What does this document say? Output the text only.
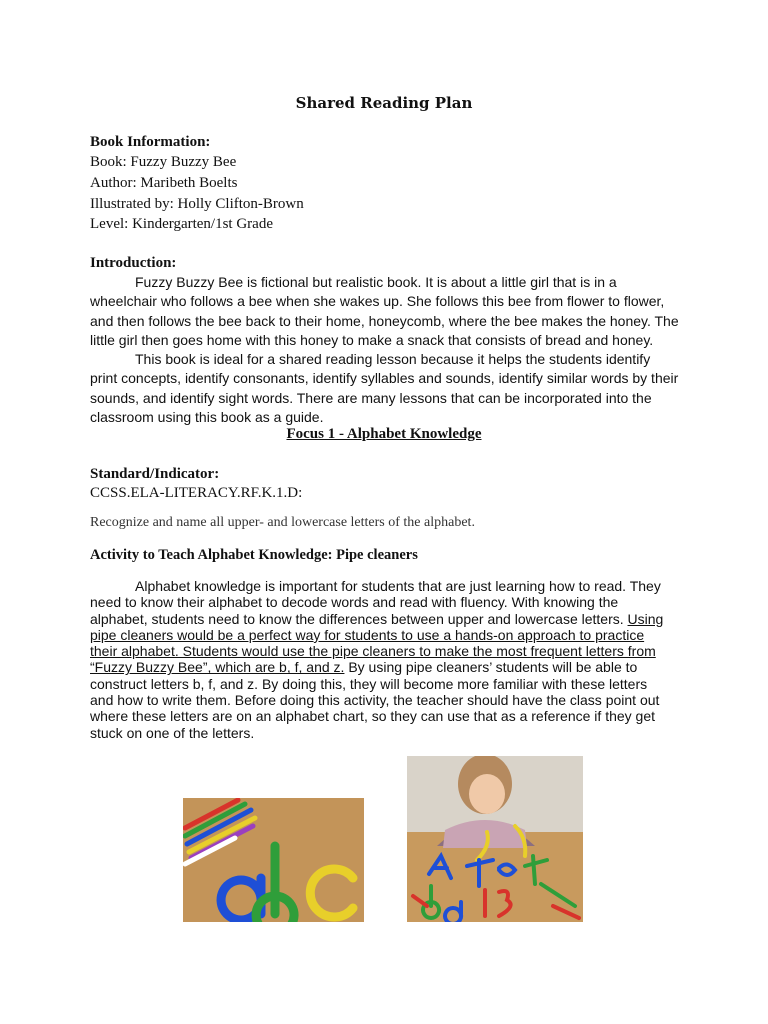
Shared Reading Plan
Book Information:
Book: Fuzzy Buzzy Bee
Author: Maribeth Boelts
Illustrated by: Holly Clifton-Brown
Level: Kindergarten/1st Grade
Introduction:

Fuzzy Buzzy Bee is fictional but realistic book. It is about a little girl that is in a wheelchair who follows a bee when she wakes up. She follows this bee from flower to flower, and then follows the bee back to their home, honeycomb, where the bee makes the honey. The little girl then goes home with this honey to make a snack that consists of bread and honey.

This book is ideal for a shared reading lesson because it helps the students identify print concepts, identify consonants, identify syllables and sounds, identify similar words by their sounds, and identify sight words. There are many lessons that can be incorporated into the classroom using this book as a guide.

Focus 1 - Alphabet Knowledge
Standard/Indicator:
CCSS.ELA-LITERACY.RF.K.1.D:
Recognize and name all upper- and lowercase letters of the alphabet.
Activity to Teach Alphabet Knowledge: Pipe cleaners
Alphabet knowledge is important for students that are just learning how to read. They need to know their alphabet to decode words and read with fluency. With knowing the alphabet, students need to know the differences between upper and lowercase letters. Using pipe cleaners would be a perfect way for students to use a hands-on approach to practice their alphabet. Students would use the pipe cleaners to make the most frequent letters from “Fuzzy Buzzy Bee”, which are b, f, and z. By using pipe cleaners’ students will be able to construct letters b, f, and z. By doing this, they will become more familiar with these letters and how to write them. Before doing this activity, the teacher should have the class point out where these letters are on an alphabet chart, so they can use that as a reference if they get stuck on one of the letters.
